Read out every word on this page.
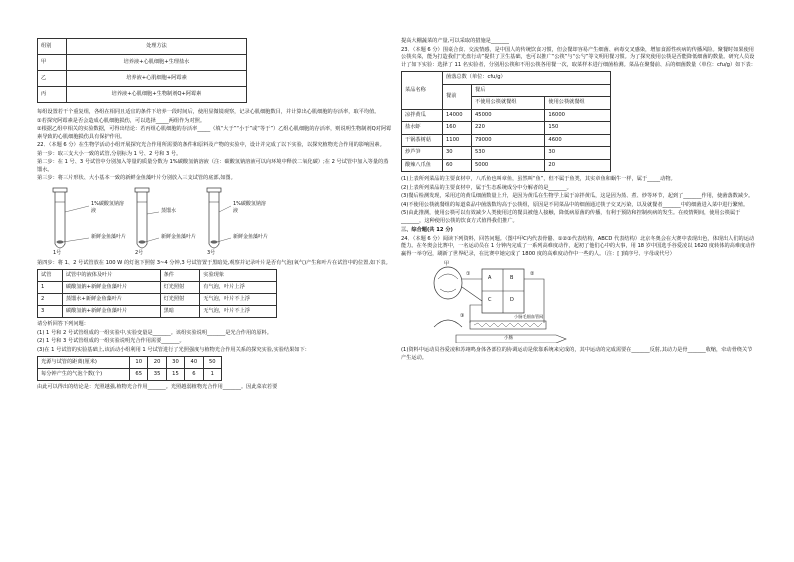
组别	处理方法
甲	培养液+心肌细胞+生理盐水
乙	培养液+心肌细胞+阿霉素
丙	培养液+心肌细胞+生物制剂Q+阿霉素

每组设置若干个重复组，各组在相同且适宜的条件下培养一段时间后，使用显微镜观察，记录心肌细胞数目，并计算出心肌细胞的存活率，取平均值。

①若探究阿霉素是否会造成心肌细胞损伤，可以选择_____两组作为对照。

②根据乙组中相关的实验数据，可得出结论：若丙组心肌细胞的存活率_____（填“大于”“小于”或“等于”）乙组心肌细胞的存活率，则说明生物制剂Q对阿霉素导致的心肌细胞损伤具有保护作用。

22．（本题 6 分）在生物学活动小组开展探究光合作用所需要的条件和原料及产物的实验中，设计并完成了以下实验，以探究植物光合作用的影响因素。

第一步：取三支大小一致的试管,分别标为 1 号、2 号和 3 号。

第二步：在 1 号、3 号试管中分别加入等量的质量分数为 1%碳酸氢钠溶液（注：碳酸氢钠溶液可以向环境中释放二氧化碳）;在 2 号试管中加入等量的蒸馏水。

第三步：将三片形状、大小基本一致的新鲜金鱼藻叶片分别放入三支试管的底部,如图。

1%碳酸氢钠溶液
新鲜金鱼藻叶片
蒸馏水
新鲜金鱼藻叶片
1%碳酸氢钠溶液
新鲜金鱼藻叶片
1号	2号	3号

第四步：将 1、2 号试管放在 100 W 的灯泡下照射 3~4 分钟,3 号试管置于黑暗处,观察并记录叶片是否有气泡(氧气)产生和叶片在试管中的位置,如下表。

试管	试管中的液体及叶片	条件	实验现象
1	碳酸氢钠+新鲜金鱼藻叶片	灯光照射	有气泡，叶片上浮
2	蒸馏水+新鲜金鱼藻叶片	灯光照射	无气泡，叶片不上浮
3	碳酸氢钠+新鲜金鱼藻叶片	黑暗	无气泡，叶片不上浮

请分析回答下列问题：

(1) 1 号和 2 号试管组成的一组实验中,实验变量是_______。该组实验说明_______是光合作用的原料。

(2) 1 号和 3 号试管组成的一组实验说明光合作用需要_______。

(3)在 1 号试管的实验基础上,该活动小组利用 1 号试管进行了光照强度与植物光合作用关系的探究实验,实验结果如下：

光源与试管的距离(厘米)	10	20	30	40	50
每分钟产生的气泡个数(个)	65	35	15	6	1

由此可以得出的结论是：光照越强,植物光合作用_______。光照越弱植物光合作用_______。因此菜农若要

提高大棚蔬菜的产量,可以采取的措施是_______

23．（本题 6 分）围桌合食、交流情感，是中国人的传统饮食习惯，但会餐却容易产生细菌、病毒交叉感染，增加食源性疾病的传播风险。聚餐时如果使用公筷夹菜，能为打造我们“光盘行动”提供了卫生基础，也可以推广“公筷”与“公勺”等文明用餐习惯。为了探究使用公筷是否能降低细菌的数量。研究人员设计了如下实验：选择了 11 名实验者，分别用公筷和不用公筷各用餐一次，取菜样本进行细菌检测。菜品在聚餐前、后的细菌数量（单位：cfu/g）如下表：

菜品名称	菌落总数（单位：cfu/g）		
	餐前	餐后	
		不使用公筷就餐组	使用公筷就餐组
凉拌黄瓜	14000	45000	16000
盐水虾	160	220	150
干锅茶树菇	1100	79000	4600
炒芦笋	30	530	30
酸辣八爪鱼	60	5000	20

(1)上表所列菜品的主要食材中，八爪鱼也叫章鱼，虽然叫“鱼”，但不属于鱼类，其实章鱼和蜗牛一样，属于_____动物。

(2)上表所列菜品的主要食材中，属于生态系统成分中分解者的是_______。

(3)餐后检测发现，采用过的黄瓜细菌数量上升，是因为黄瓜在生物学上属于凉拌黄瓜，这是因为蒸、煮、炒等环节，起到了_______作用，使菌落数减少。

(4)不使用公筷就餐组的每道菜品中菌落数均高于公筷组，原因是不同菜品中的细菌通过筷子交叉污染，以及就餐者_______中的细菌进入菜中进行繁殖。

(5)由此推测，使用公筷可以有效减少人类使用过的餐具被他人接触，降低病原菌的传播，有利于预防和控制疾病的发生。在疫情期间，使用公筷属于_______，这种使用公筷的饮食方式值得我们推广。

三、综合题(共 12 分)

24．（本题 6 分）阅读下列资料，回答问题。（图中甲C内代表骨骼、①②③代表结构，ABCD 代表结构）北京冬奥会在大赛中表现出色，体现出人们的运动能力。在冬奥会比赛中，一名运动员在 1 分钟内完成了一系列高难度动作，起初了他们心中的大事，用 18 岁中国选手谷爱凌以 1620 度转体的高难度动作赢得一举夺冠，刷新了世界纪录，在比赛中她完成了 1800 度的高难度动作中一些的人。（注：[ ]填序号、字母或代号）

甲
A	B
C	D
①	②
③	小肠毛细血管网
小肠

(1)资料中运动员谷爱凌和苏翊鸣身体各部位的协调运动是依靠系统来完成的，其中运动的完成需要在_______反射,其动力是骨_______收缩，牵动骨绕关节产生运动。
